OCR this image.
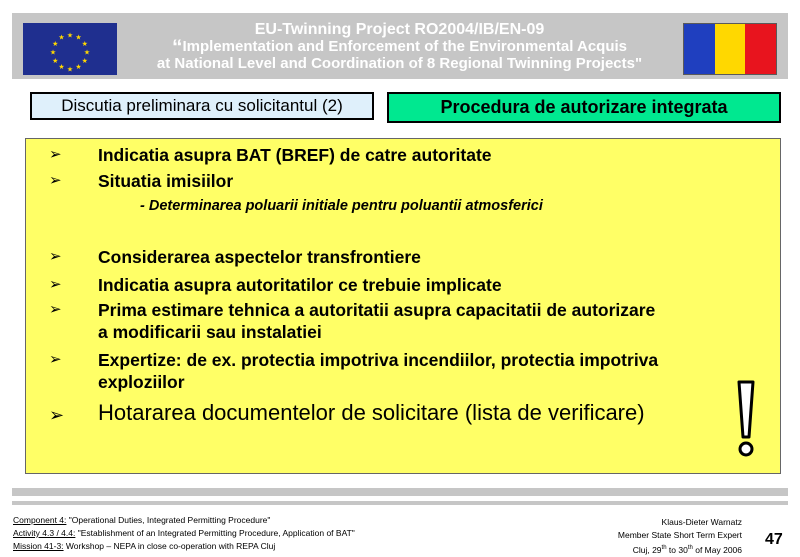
★
★
★
★
★
★
★
★
★ ★ ★
★
EU-Twinning Project RO2004/IB/EN-09
“Implementation and Enforcement of the Environmental Acquis
at National Level and Coordination of 8 Regional Twinning Projects"
Discutia preliminara cu solicitantul (2)	Procedura de autorizare integrata
➢ Indicatia asupra BAT (BREF) de catre autoritate
➢ Situatia imisiilor
- Determinarea poluarii initiale pentru poluantii atmosferici
➢ Considerarea aspectelor transfrontiere
➢ Indicatia asupra autoritatilor ce trebuie implicate
➢ Prima estimare tehnica a autoritatii asupra capacitatii de autorizare a modificarii sau instalatiei
➢ Expertize: de ex. protectia impotriva incendiilor, protectia impotriva exploziilor
➢ Hotararea documentelor de solicitare (lista de verificare)
Component 4: "Operational Duties, Integrated Permitting Procedure"
Activity 4.3 / 4.4: "Establishment of an Integrated Permitting Procedure, Application of BAT"
Mission 41-3: Workshop – NEPA in close co-operation with REPA Cluj
Klaus-Dieter Warnatz
Member State Short Term Expert
Cluj, 29th to 30th of May 2006
47
